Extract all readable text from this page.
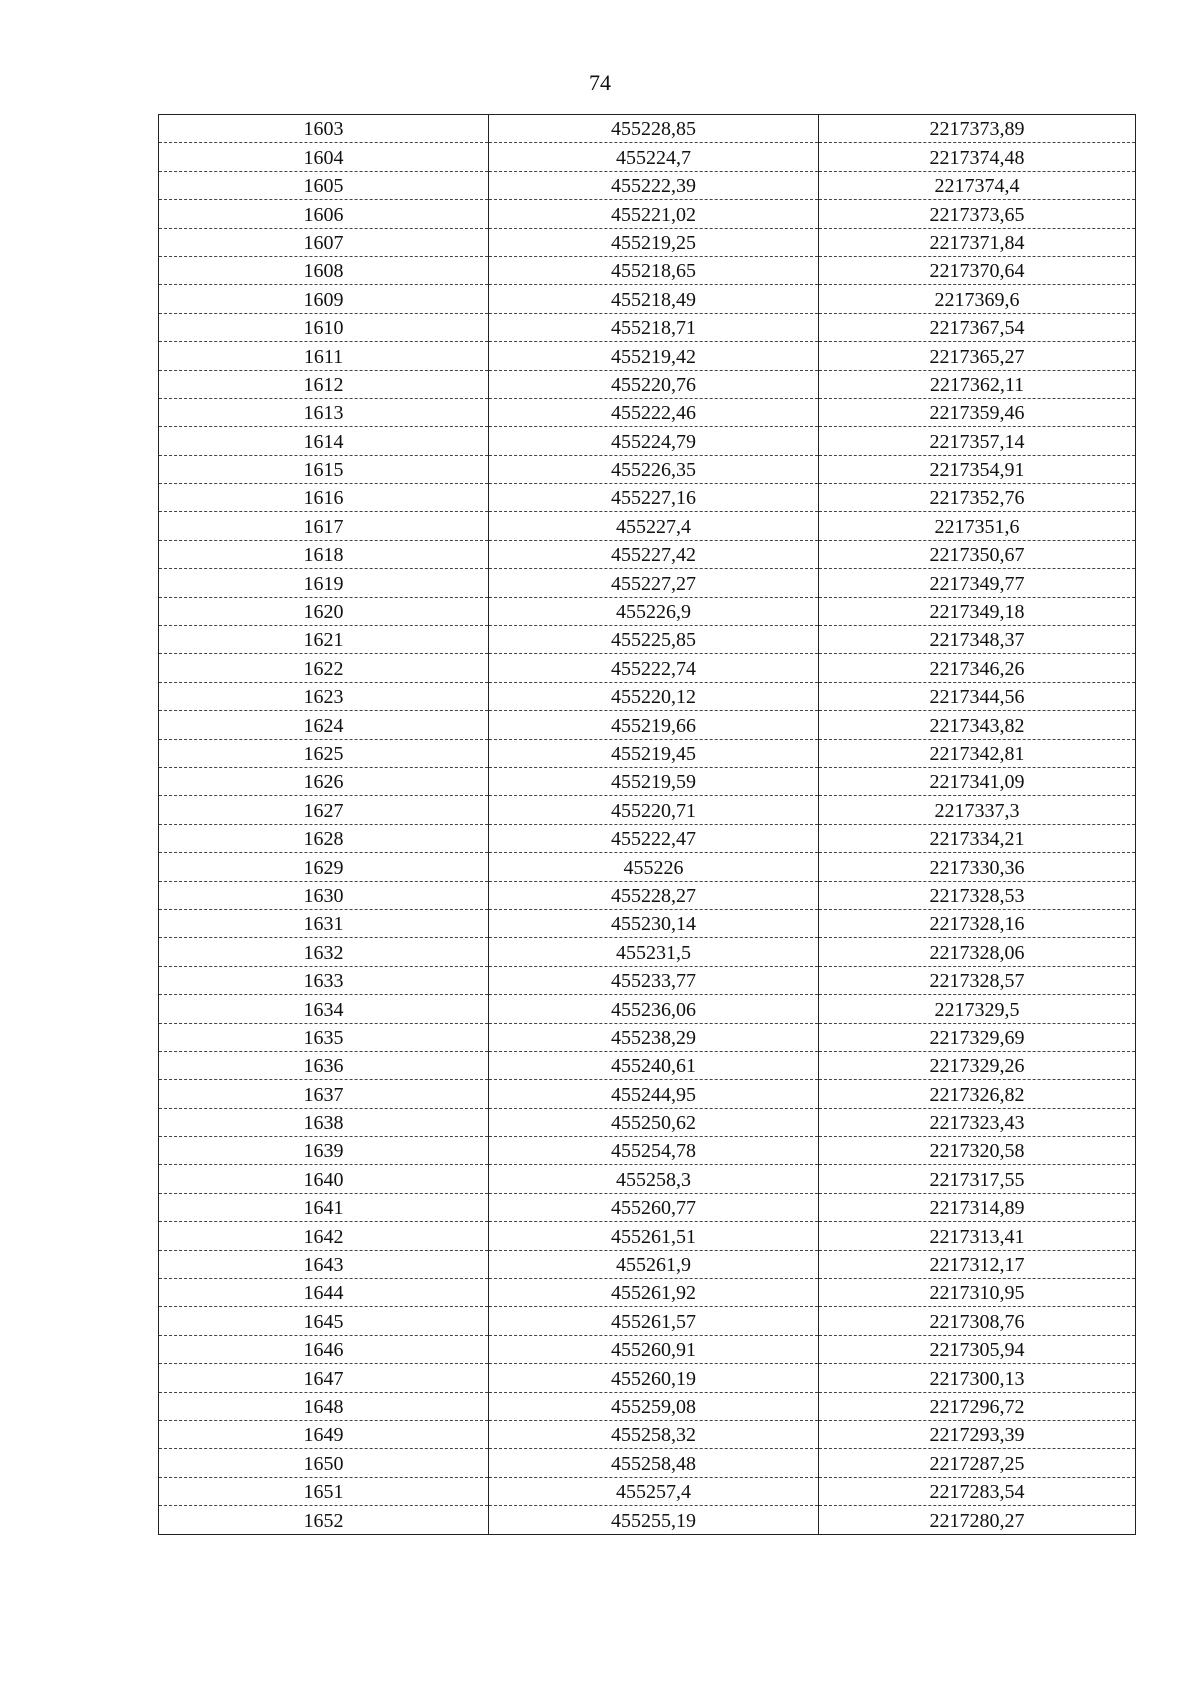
74
1603	455228,85	2217373,89
1604	455224,7	2217374,48
1605	455222,39	2217374,4
1606	455221,02	2217373,65
1607	455219,25	2217371,84
1608	455218,65	2217370,64
1609	455218,49	2217369,6
1610	455218,71	2217367,54
1611	455219,42	2217365,27
1612	455220,76	2217362,11
1613	455222,46	2217359,46
1614	455224,79	2217357,14
1615	455226,35	2217354,91
1616	455227,16	2217352,76
1617	455227,4	2217351,6
1618	455227,42	2217350,67
1619	455227,27	2217349,77
1620	455226,9	2217349,18
1621	455225,85	2217348,37
1622	455222,74	2217346,26
1623	455220,12	2217344,56
1624	455219,66	2217343,82
1625	455219,45	2217342,81
1626	455219,59	2217341,09
1627	455220,71	2217337,3
1628	455222,47	2217334,21
1629	455226	2217330,36
1630	455228,27	2217328,53
1631	455230,14	2217328,16
1632	455231,5	2217328,06
1633	455233,77	2217328,57
1634	455236,06	2217329,5
1635	455238,29	2217329,69
1636	455240,61	2217329,26
1637	455244,95	2217326,82
1638	455250,62	2217323,43
1639	455254,78	2217320,58
1640	455258,3	2217317,55
1641	455260,77	2217314,89
1642	455261,51	2217313,41
1643	455261,9	2217312,17
1644	455261,92	2217310,95
1645	455261,57	2217308,76
1646	455260,91	2217305,94
1647	455260,19	2217300,13
1648	455259,08	2217296,72
1649	455258,32	2217293,39
1650	455258,48	2217287,25
1651	455257,4	2217283,54
1652	455255,19	2217280,27
